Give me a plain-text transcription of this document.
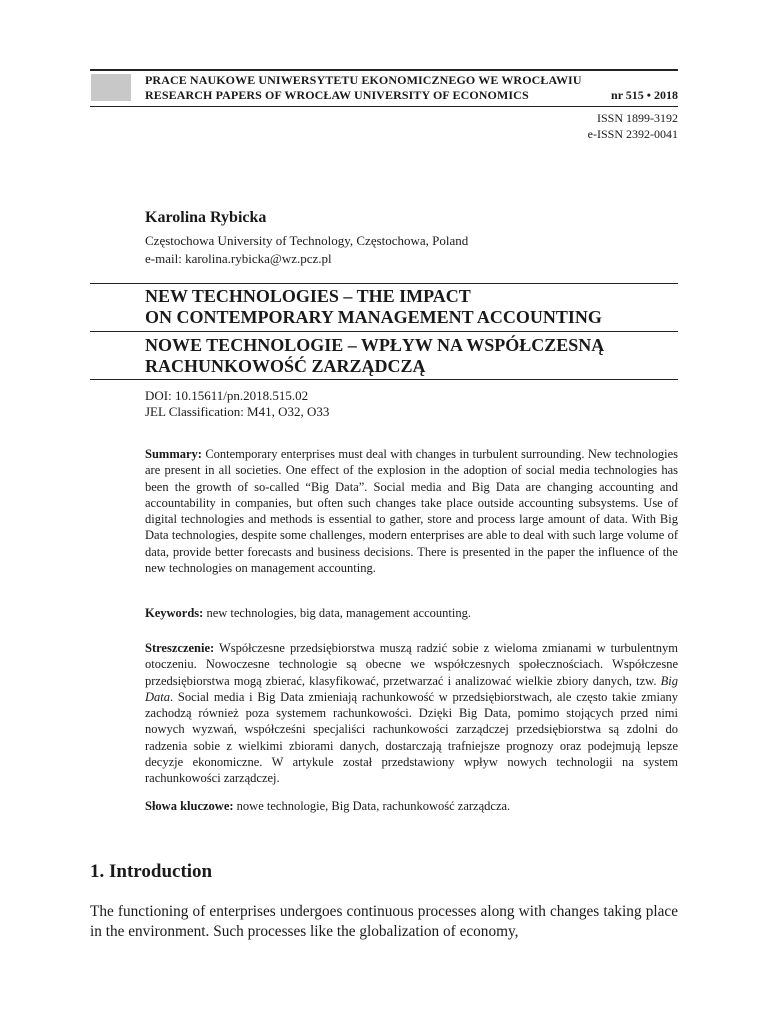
PRACE NAUKOWE UNIWERSYTETU EKONOMICZNEGO WE WROCŁAWIU
RESEARCH PAPERS OF WROCŁAW UNIVERSITY OF ECONOMICS	nr 515 • 2018
ISSN 1899-3192
e-ISSN 2392-0041
Karolina Rybicka
Częstochowa University of Technology, Częstochowa, Poland
e-mail: karolina.rybicka@wz.pcz.pl
NEW TECHNOLOGIES – THE IMPACT
ON CONTEMPORARY MANAGEMENT ACCOUNTING
NOWE TECHNOLOGIE – WPŁYW NA WSPÓŁCZESNĄ
RACHUNKOWOŚĆ ZARZĄDCZĄ
DOI: 10.15611/pn.2018.515.02
JEL Classification: M41, O32, O33
Summary: Contemporary enterprises must deal with changes in turbulent surrounding. New technologies are present in all societies. One effect of the explosion in the adoption of social media technologies has been the growth of so-called “Big Data”. Social media and Big Data are changing accounting and accountability in companies, but often such changes take place outside accounting subsystems. Use of digital technologies and methods is essential to gather, store and process large amount of data. With Big Data technologies, despite some challenges, modern enterprises are able to deal with such large volume of data, provide better forecasts and business decisions. There is presented in the paper the influence of the new technologies on management accounting.
Keywords: new technologies, big data, management accounting.
Streszczenie: Współczesne przedsiębiorstwa muszą radzić sobie z wieloma zmianami w turbulentnym otoczeniu. Nowoczesne technologie są obecne we współczesnych społecznościach. Współczesne przedsiębiorstwa mogą zbierać, klasyfikować, przetwarzać i analizować wielkie zbiory danych, tzw. Big Data. Social media i Big Data zmieniają rachunkowość w przedsiębiorstwach, ale często takie zmiany zachodzą również poza systemem rachunkowości. Dzięki Big Data, pomimo stojących przed nimi nowych wyzwań, współcześni specjaliści rachunkowości zarządczej przedsiębiorstwa są zdolni do radzenia sobie z wielkimi zbiorami danych, dostarczają trafniejsze prognozy oraz podejmują lepsze decyzje ekonomiczne. W artykule został przedstawiony wpływ nowych technologii na system rachunkowości zarządczej.
Słowa kluczowe: nowe technologie, Big Data, rachunkowość zarządcza.
1. Introduction
The functioning of enterprises undergoes continuous processes along with changes taking place in the environment. Such processes like the globalization of economy,
